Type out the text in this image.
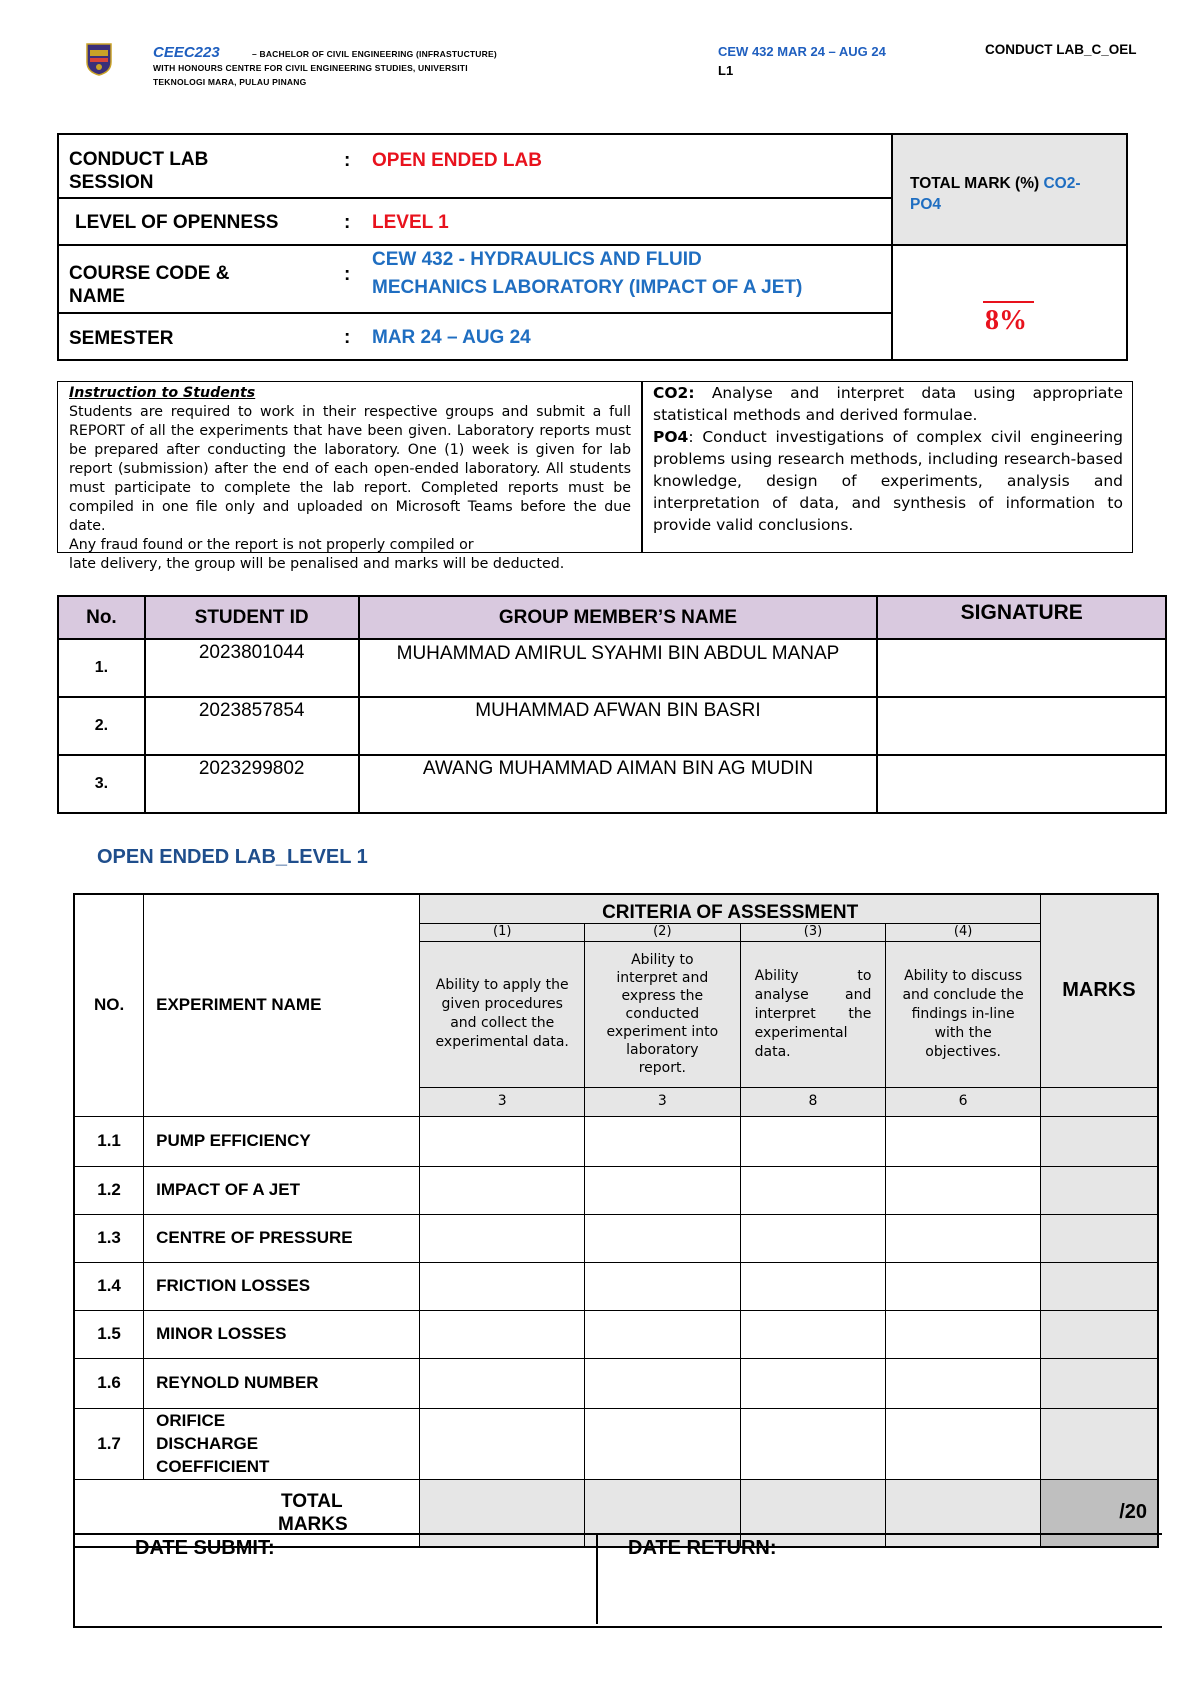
CEEC223	– BACHELOR OF CIVIL ENGINEERING (INFRASTUCTURE)
WITH HONOURS CENTRE FOR CIVIL ENGINEERING STUDIES, UNIVERSITI
TEKNOLOGI MARA, PULAU PINANG
CEW 432 MAR 24 – AUG 24
L1
CONDUCT LAB_C_OEL
CONDUCT LAB SESSION
: OPEN ENDED LAB
LEVEL OF OPENNESS	: LEVEL 1
COURSE CODE & NAME
:
CEW 432 - HYDRAULICS AND FLUID
MECHANICS LABORATORY (IMPACT OF A JET)
SEMESTER	: MAR 24 – AUG 24
TOTAL MARK (%) CO2-
PO4
8%
Instruction to Students
Students are required to work in their respective groups and submit a full
REPORT of all the experiments that have been given. Laboratory reports must
be prepared after conducting the laboratory. One (1) week is given for lab
report (submission) after the end of each open-ended laboratory. All students
must participate to complete the lab report. Completed reports must be
compiled in one file only and uploaded on Microsoft Teams before the due date.
Any fraud found or the report is not properly compiled or
late delivery, the group will be penalised and marks will be deducted.
CO2: Analyse and interpret data using appropriate statistical methods and derived formulae.
PO4: Conduct investigations of complex civil engineering problems using research methods, including research-based knowledge, design of experiments, analysis and interpretation of data, and synthesis of information to provide valid conclusions.
No.	STUDENT ID	GROUP MEMBER’S NAME	SIGNATURE
1.	2023801044	MUHAMMAD AMIRUL SYAHMI BIN ABDUL MANAP	
2.	2023857854	MUHAMMAD AFWAN BIN BASRI	
3.	2023299802	AWANG MUHAMMAD AIMAN BIN AG MUDIN	
OPEN ENDED LAB_LEVEL 1
NO.	EXPERIMENT NAME	CRITERIA OF ASSESSMENT				MARKS
		(1)	(2)	(3)	(4)	
		Ability to apply the given procedures and collect the experimental data.	Ability to interpret and express the conducted experiment into laboratory report.	Ability to analyse and interpret the experimental data.	Ability to discuss and conclude the findings in-line with the objectives.	
		3	3	8	6	
1.1	PUMP EFFICIENCY					
1.2	IMPACT OF A JET					
1.3	CENTRE OF PRESSURE					
1.4	FRICTION LOSSES					
1.5	MINOR LOSSES					
1.6	REYNOLD NUMBER					
1.7	ORIFICE DISCHARGE COEFFICIENT					

TOTAL
MARKS						/20
DATE SUBMIT:	DATE RETURN:
